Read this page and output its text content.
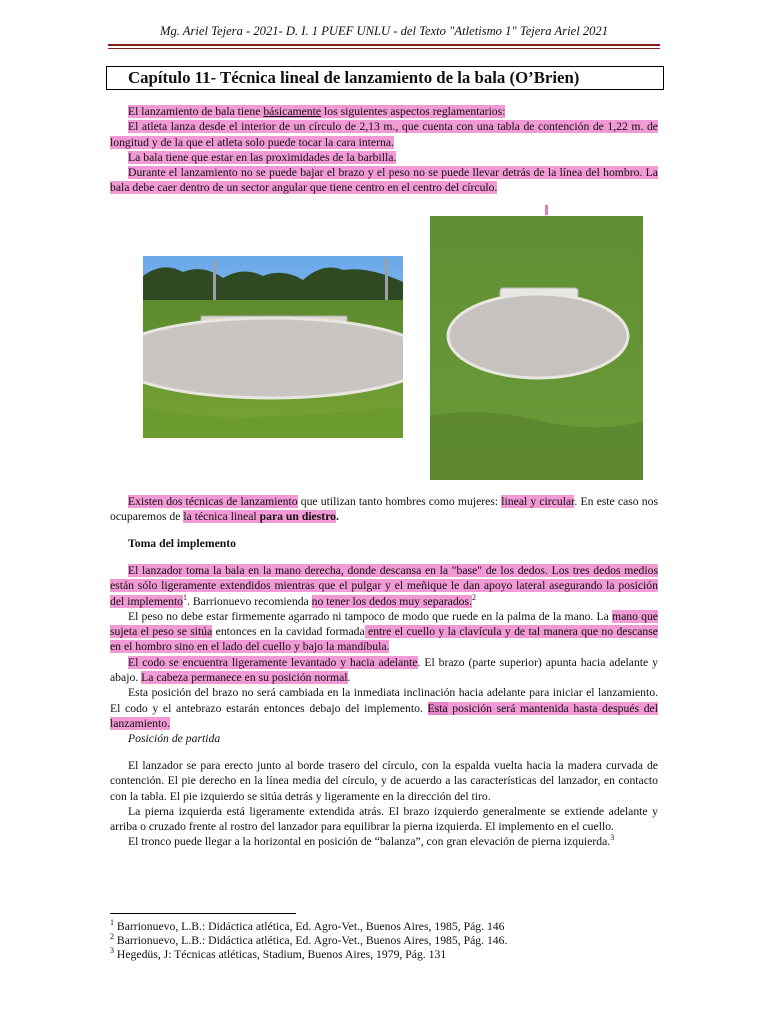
Mg. Ariel Tejera - 2021- D. I. 1 PUEF UNLU - del Texto "Atletismo 1" Tejera Ariel 2021
Capítulo 11- Técnica lineal de lanzamiento de la bala (O’Brien)

El lanzamiento de bala tiene básicamente los siguientes aspectos reglamentarios:

El atleta lanza desde el interior de un círculo de 2,13 m., que cuenta con una tabla de contención de 1,22 m. de longitud y de la que el atleta solo puede tocar la cara interna.

La bala tiene que estar en las proximidades de la barbilla.

Durante el lanzamiento no se puede bajar el brazo y el peso no se puede llevar detrás de la línea del hombro. La bala debe caer dentro de un sector angular que tiene centro en el centro del círculo.

Existen dos técnicas de lanzamiento que utilizan tanto hombres como mujeres: lineal y circular. En este caso nos ocuparemos de la técnica lineal para un diestro.

Toma del implemento

El lanzador toma la bala en la mano derecha, donde descansa en la "base" de los dedos. Los tres dedos medios están sólo ligeramente extendidos mientras que el pulgar y el meñique le dan apoyo lateral asegurando la posición del implemento$^1$. Barrionuevo recomienda no tener los dedos muy separados.$^2$

El peso no debe estar firmemente agarrado ni tampoco de modo que ruede en la palma de la mano. La mano que sujeta el peso se sitúa entonces en la cavidad formada entre el cuello y la clavícula y de tal manera que no descanse en el hombro sino en el lado del cuello y bajo la mandíbula.

El codo se encuentra ligeramente levantado y hacia adelante. El brazo (parte superior) apunta hacia adelante y abajo. La cabeza permanece en su posición normal.

Esta posición del brazo no será cambiada en la inmediata inclinación hacia adelante para iniciar el lanzamiento. El codo y el antebrazo estarán entonces debajo del implemento. Esta posición será mantenida hasta después del lanzamiento.

Posición de partida

El lanzador se para erecto junto al borde trasero del círculo, con la espalda vuelta hacia la madera curvada de contención. El pie derecho en la línea media del círculo, y de acuerdo a las características del lanzador, en contacto con la tabla. El pie izquierdo se sitúa detrás y ligeramente en la dirección del tiro.

La pierna izquierda está ligeramente extendida atrás. El brazo izquierdo generalmente se extiende adelante y arriba o cruzado frente al rostro del lanzador para equilibrar la pierna izquierda. El implemento en el cuello.

El tronco puede llegar a la horizontal en posición de “balanza”, con gran elevación de pierna izquierda.$^3$

$^1$ Barrionuevo, L.B.: Didáctica atlética, Ed. Agro-Vet., Buenos Aires, 1985, Pág. 146
$^2$ Barrionuevo, L.B.: Didáctica atlética, Ed. Agro-Vet., Buenos Aires, 1985, Pág. 146.
$^3$ Hegedüs, J: Técnicas atléticas, Stadium, Buenos Aires, 1979, Pág. 131
